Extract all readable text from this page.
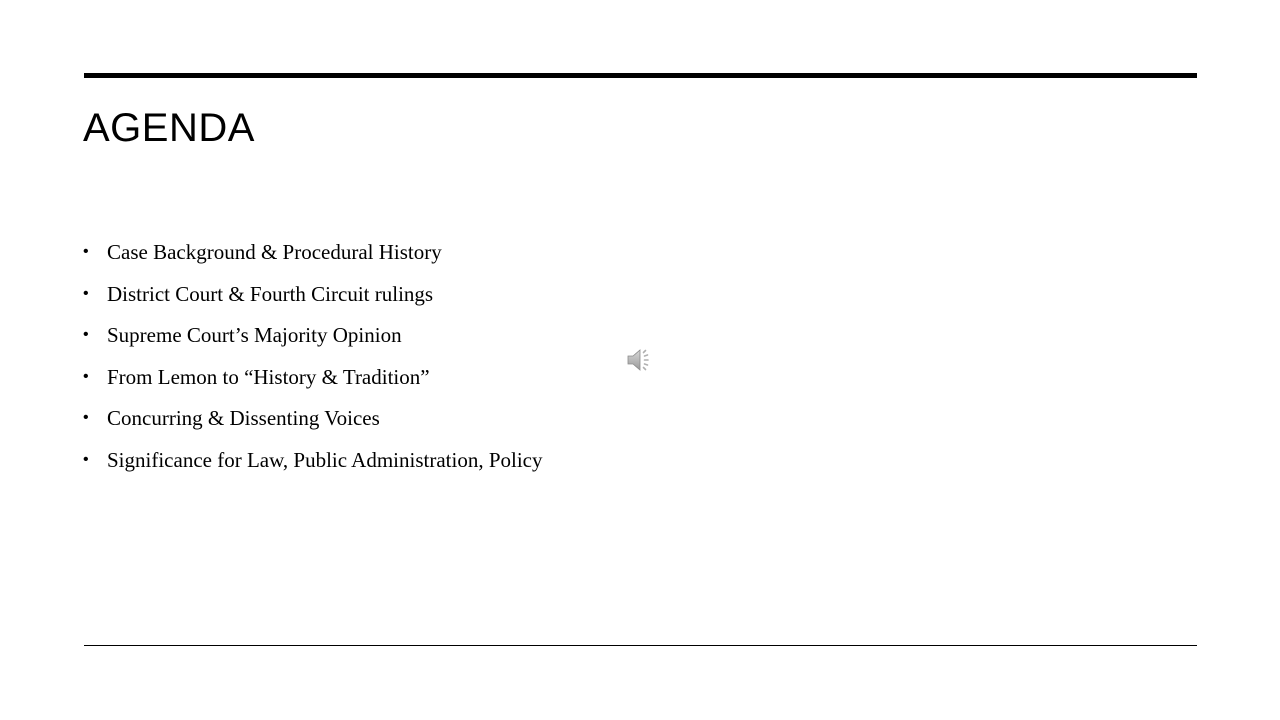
AGENDA
• Case Background & Procedural History
• District Court & Fourth Circuit rulings
• Supreme Court’s Majority Opinion
• From Lemon to “History & Tradition”
• Concurring & Dissenting Voices
• Significance for Law, Public Administration, Policy
